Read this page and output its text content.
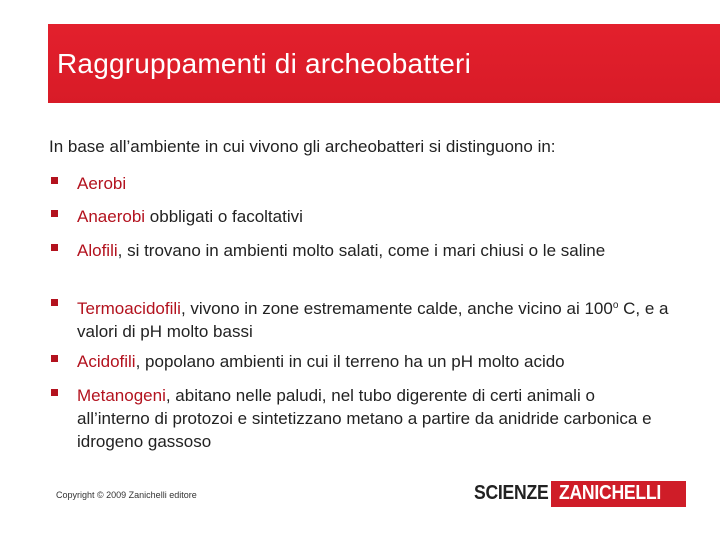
Raggruppamenti di archeobatteri
In base all’ambiente in cui vivono gli archeobatteri si distinguono in:
Aerobi
Anaerobi obbligati o facoltativi
Alofili, si trovano in ambienti molto salati, come i mari chiusi o le saline
Termoacidofili, vivono in zone estremamente calde, anche vicino ai 100$^o$ C, e a valori di pH molto bassi
Acidofili, popolano ambienti in cui il terreno ha un pH molto acido
Metanogeni, abitano nelle paludi, nel tubo digerente di certi animali o all’interno di protozoi e sintetizzano metano a partire da anidride carbonica e idrogeno gassoso
Copyright © 2009 Zanichelli editore	SCIENZE ZANICHELLI
